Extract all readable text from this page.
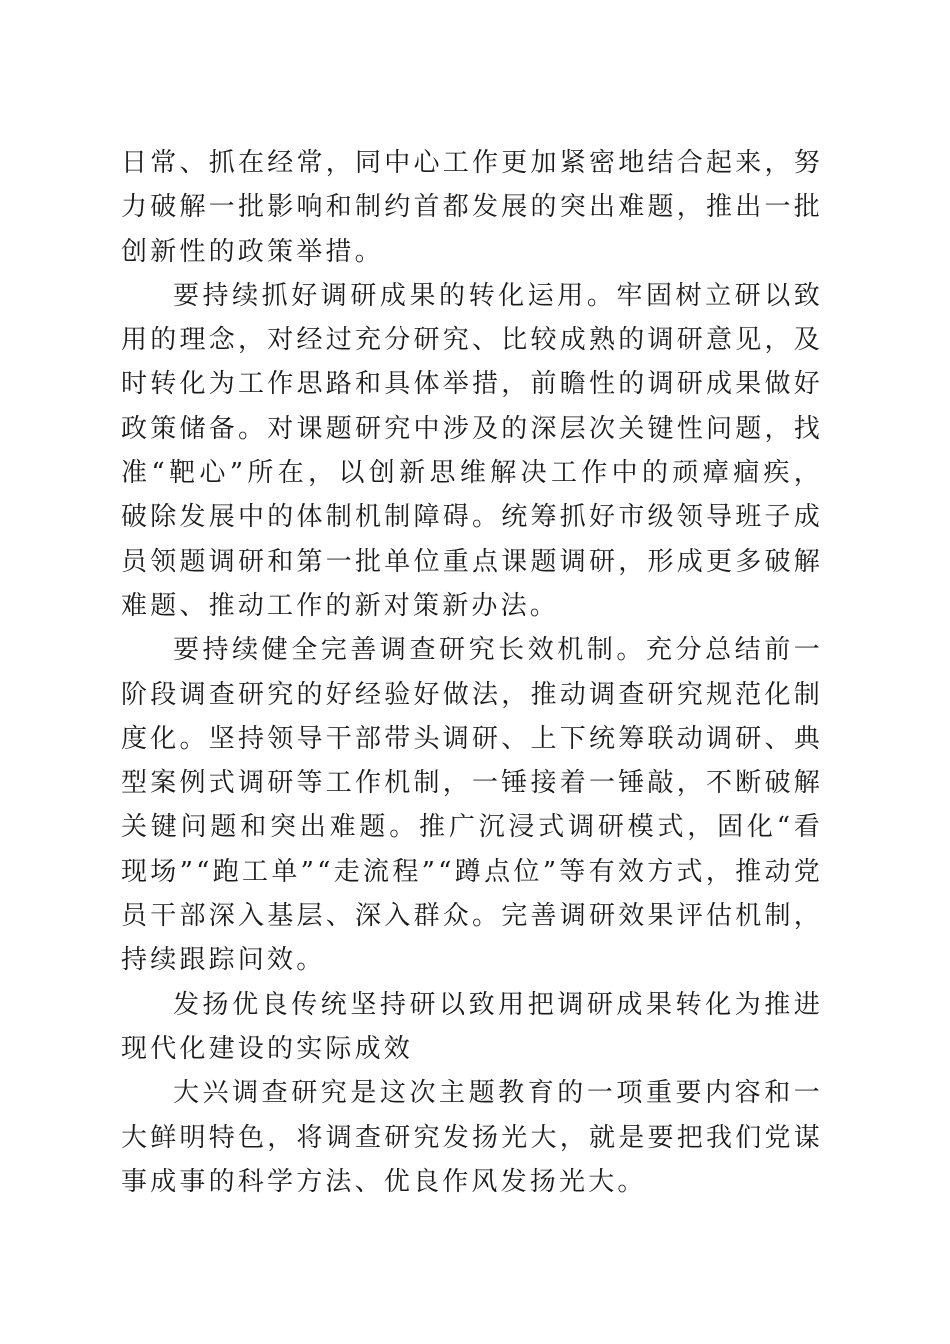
日常、抓在经常，同中心工作更加紧密地结合起来，努力破解一批影响和制约首都发展的突出难题，推出一批创新性的政策举措。

要持续抓好调研成果的转化运用。牢固树立研以致用的理念，对经过充分研究、比较成熟的调研意见，及时转化为工作思路和具体举措，前瞻性的调研成果做好政策储备。对课题研究中涉及的深层次关键性问题，找准“靶心”所在，以创新思维解决工作中的顽瘴痼疾，破除发展中的体制机制障碍。统筹抓好市级领导班子成员领题调研和第一批单位重点课题调研，形成更多破解难题、推动工作的新对策新办法。

要持续健全完善调查研究长效机制。充分总结前一阶段调查研究的好经验好做法，推动调查研究规范化制度化。坚持领导干部带头调研、上下统筹联动调研、典型案例式调研等工作机制，一锤接着一锤敲，不断破解关键问题和突出难题。推广沉浸式调研模式，固化“看现场”“跑工单”“走流程”“蹲点位”等有效方式，推动党员干部深入基层、深入群众。完善调研效果评估机制，持续跟踪问效。

发扬优良传统坚持研以致用把调研成果转化为推进现代化建设的实际成效

大兴调查研究是这次主题教育的一项重要内容和一大鲜明特色，将调查研究发扬光大，就是要把我们党谋事成事的科学方法、优良作风发扬光大。
